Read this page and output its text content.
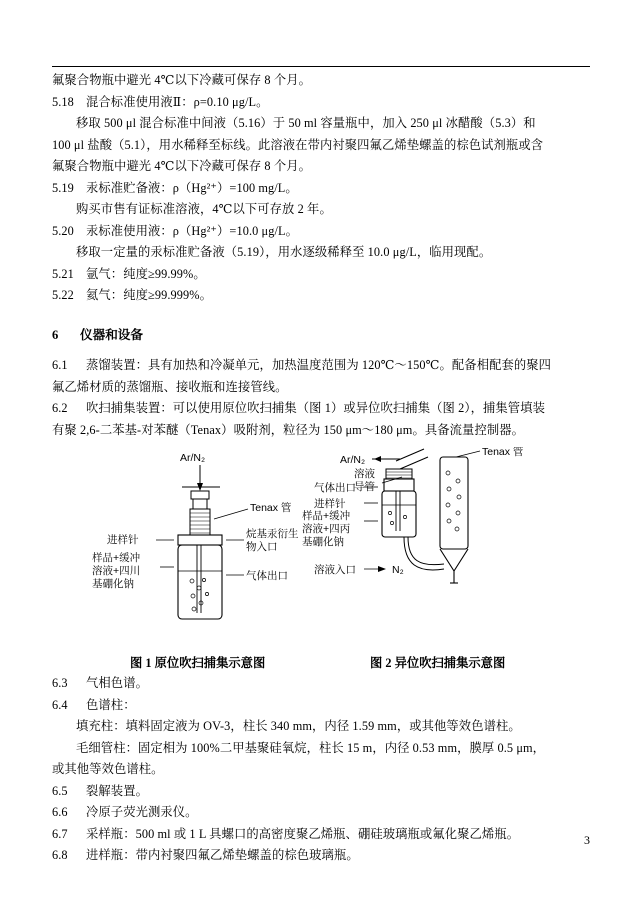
氟聚合物瓶中避光 4℃以下冷藏可保存 8 个月。
5.18 混合标准使用液Ⅱ：ρ=0.10 μg/L。
移取 500 μl 混合标准中间液（5.16）于 50 ml 容量瓶中，加入 250 μl 冰醋酸（5.3）和
100 μl 盐酸（5.1），用水稀释至标线。此溶液在带内衬聚四氟乙烯垫螺盖的棕色试剂瓶或含
氟聚合物瓶中避光 4℃以下冷藏可保存 8 个月。
5.19 汞标准贮备液：ρ（Hg²⁺）=100 mg/L。
购买市售有证标准溶液，4℃以下可存放 2 年。
5.20 汞标准使用液：ρ（Hg²⁺）=10.0 μg/L。
移取一定量的汞标准贮备液（5.19），用水逐级稀释至 10.0 μg/L，临用现配。
5.21 氩气：纯度≥99.99%。
5.22 氦气：纯度≥99.999%。
6 仪器和设备
6.1 蒸馏装置：具有加热和冷凝单元，加热温度范围为 120℃～150℃。配备相配套的聚四
氟乙烯材质的蒸馏瓶、接收瓶和连接管线。
6.2 吹扫捕集装置：可以使用原位吹扫捕集（图 1）或异位吹扫捕集（图 2），捕集管填装
有聚 2,6-二苯基-对苯醚（Tenax）吸附剂，粒径为 150 μm～180 μm。具备流量控制器。
Ar/N₂
Tenax 管
进样针	烷基汞衍生
物入口
样品+缓冲
溶液+四川
基硼化钠
气体出口
Ar/N₂
溶液
导管
Tenax 管
气体出口
进样针
样品+缓冲
溶液+四丙
基硼化钠
溶液入口	N₂
图 1 原位吹扫捕集示意图	图 2 异位吹扫捕集示意图
6.3 气相色谱。
6.4 色谱柱：
填充柱：填料固定液为 OV-3，柱长 340 mm，内径 1.59 mm，或其他等效色谱柱。
毛细管柱：固定相为 100%二甲基聚硅氧烷，柱长 15 m，内径 0.53 mm，膜厚 0.5 μm，
或其他等效色谱柱。
6.5 裂解装置。
6.6 冷原子荧光测汞仪。
6.7 采样瓶：500 ml 或 1 L 具螺口的高密度聚乙烯瓶、硼硅玻璃瓶或氟化聚乙烯瓶。
6.8 进样瓶：带内衬聚四氟乙烯垫螺盖的棕色玻璃瓶。
3
